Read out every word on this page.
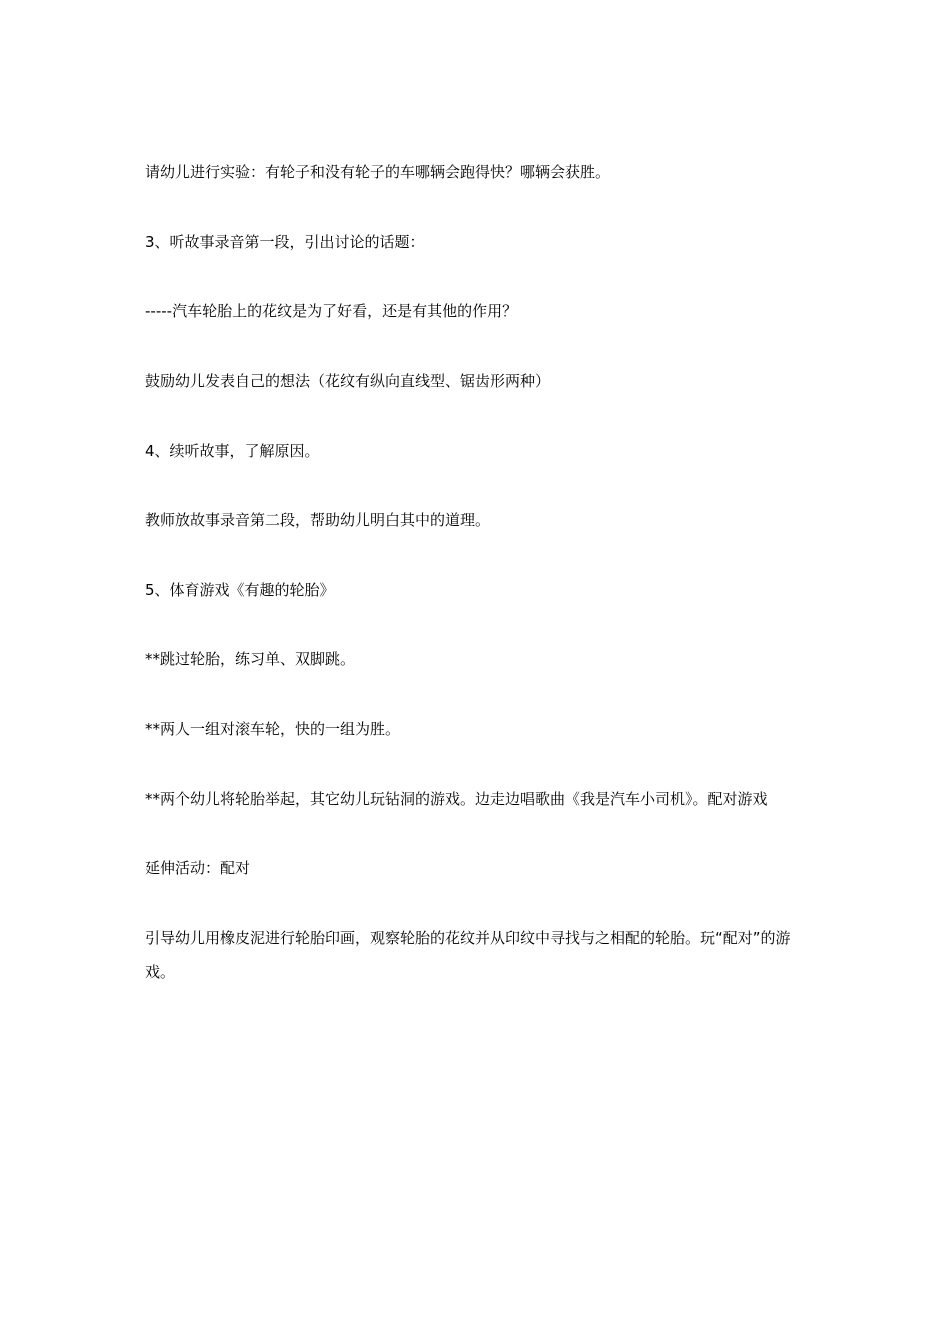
请幼儿进行实验：有轮子和没有轮子的车哪辆会跑得快？哪辆会获胜。
3、听故事录音第一段，引出讨论的话题：
-----汽车轮胎上的花纹是为了好看，还是有其他的作用？
鼓励幼儿发表自己的想法（花纹有纵向直线型、锯齿形两种）
4、续听故事，了解原因。
教师放故事录音第二段，帮助幼儿明白其中的道理。
5、体育游戏《有趣的轮胎》
**跳过轮胎，练习单、双脚跳。
**两人一组对滚车轮，快的一组为胜。
**两个幼儿将轮胎举起，其它幼儿玩钻洞的游戏。边走边唱歌曲《我是汽车小司机》。配对游戏
延伸活动：配对
引导幼儿用橡皮泥进行轮胎印画，观察轮胎的花纹并从印纹中寻找与之相配的轮胎。玩“配对”的游戏。
